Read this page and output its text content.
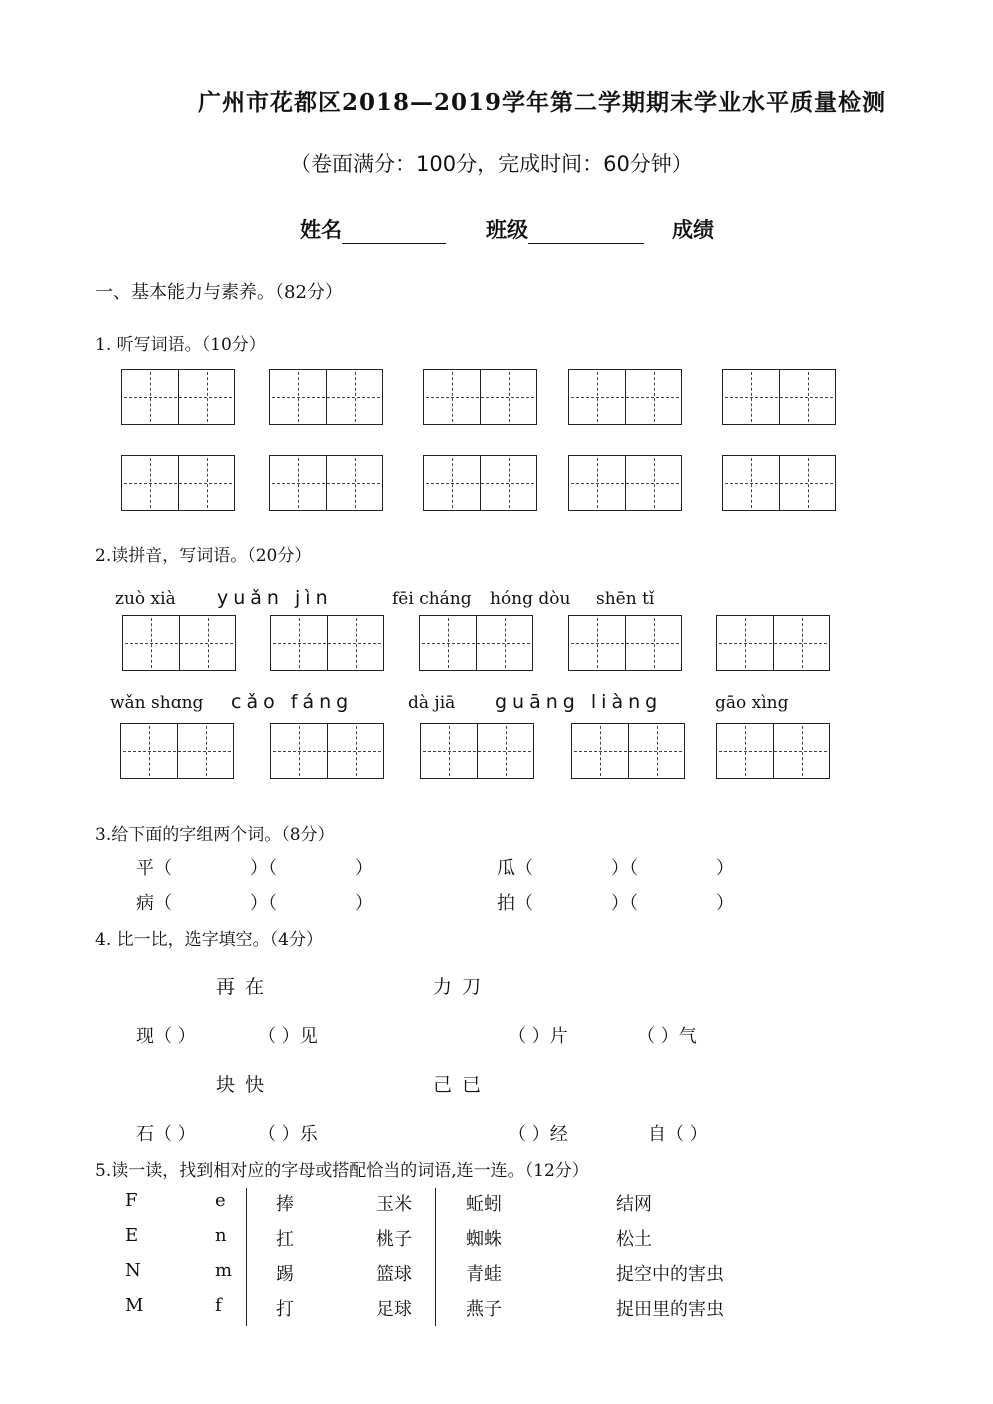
广州市花都区2018—2019学年第二学期期末学业水平质量检测
（卷面满分：100分，完成时间：60分钟）
姓名	班级	成绩
一、基本能力与素养。（82分）
1. 听写词语。（10分）
2.读拼音，写词语。（20分）
zuò xià yuǎn jìn	fēi cháng hóng dòu shēn tǐ
wǎn shɑng cǎo fáng	dà jiā guāng liàng	gāo xìng
3.给下面的字组两个词。（8分）
平（	）（	）	瓜（	）（	）
病（	）（	）	拍（	）（	）
4. 比一比，选字填空。（4分）
再 在	力 刀
块 快	己 已
现（ ）	（ ）见	（ ）片	（ ）气
石（ ）	（ ）乐	（ ）经	自（ ）
5.读一读，找到相对应的字母或搭配恰当的词语,连一连。（12分）
F	e	捧	玉米	蚯蚓	结网
E	n	扛	桃子	蜘蛛	松土
N	m 踢	篮球	青蛙	捉空中的害虫
M	f	打	足球	燕子	捉田里的害虫
